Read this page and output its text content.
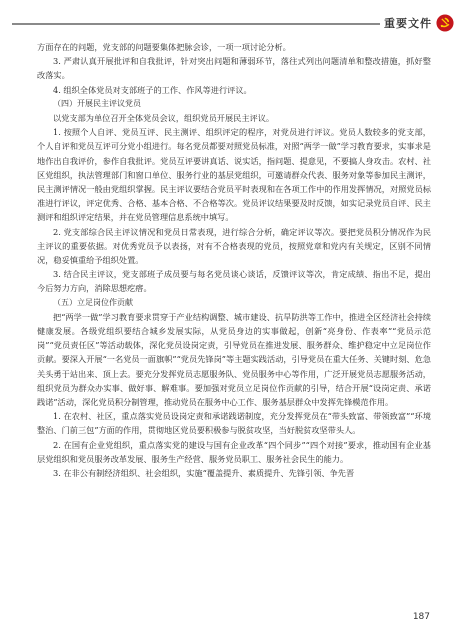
重要文件

方面存在的问题，党支部的问题要集体把脉会诊，一项一项讨论分析。

3. 严肃认真开展批评和自我批评，针对突出问题和薄弱环节，落往式列出问题清单和整改措施，抓好整改落实。

4. 组织全体党员对支部班子的工作、作风等进行评议。

（四）开展民主评议党员

以党支部为单位召开全体党员会议，组织党员开展民主评议。

1. 按照个人自评、党员互评、民主测评、组织评定的程序，对党员进行评议。党员人数较多的党支部，个人自评和党员互评可分党小组进行。每名党员都要对照党员标准，对照“两学一做”学习教育要求，实事求是地作出自我评价，参作自我批评。党员互评要讲真话、说实话，指问题、提意见，不要搞人身攻击。农村、社区党组织，执法管理部门和窗口单位、服务行业的基层党组织，可邀请群众代表、服务对象等参加民主测评，民主测评情况一般由党组织掌握。民主评议要结合党员平时表现和在各项工作中的作用发挥情况，对照党员标准进行评议，评定优秀、合格、基本合格、不合格等次。党员评议结果要及时反馈，如实记录党员自评、民主测评和组织评定结果，并在党员管理信息系统中填写。

2. 党支部综合民主评议情况和党员日常表现，进行综合分析，确定评议等次。要把党员积分情况作为民主评议的重要依据。对优秀党员予以表扬，对有不合格表现的党员，按照党章和党内有关规定，区别不同情况，稳妥慎重给予组织处置。

3. 结合民主评议，党支部班子成员要与每名党员谈心谈话，反馈评议等次，肯定成绩、指出不足，提出今后努力方向，消除思想疙瘩。

（五）立足岗位作贡献

把“两学一做”学习教育要求贯穿于产业结构调整、城市建设、抗旱防洪等工作中，推进全区经济社会持续健康发展。各级党组织要结合城乡发展实际，从党员身边的实事做起，创新“亮身份、作表率”“党员示范岗”“党员责任区”等活动载体，深化党员设岗定责，引导党员在推进发展、服务群众、维护稳定中立足岗位作贡献。要深入开展“一名党员一面旗帜”“党员先锋岗”等主题实践活动，引导党员在重大任务、关键时刻、危急关头勇于站出来、顶上去。要充分发挥党员志愿服务队、党员服务中心等作用，广泛开展党员志愿服务活动，组织党员为群众办实事、做好事、解难事。要加强对党员立足岗位作贡献的引导，结合开展“设岗定责、承诺践诺”活动，深化党员积分制管理，推动党员在服务中心工作、服务基层群众中发挥先锋模范作用。

1. 在农村、社区，重点落实党员设岗定责和承诺践诺制度，充分发挥党员在“带头致富、带领致富”“环境整治、门前三包”方面的作用，贯彻地区党员要积极参与脱贫攻坚，当好脱贫攻坚带头人。

2. 在国有企业党组织，重点落实党的建设与国有企业改革“四个同步”“四个对接”要求，推动国有企业基层党组织和党员服务改革发展、服务生产经营、服务党员职工、服务社会民生的能力。

3. 在非公有制经济组织、社会组织，实施“覆盖提升、素质提升、先锋引领、争先晋

187
